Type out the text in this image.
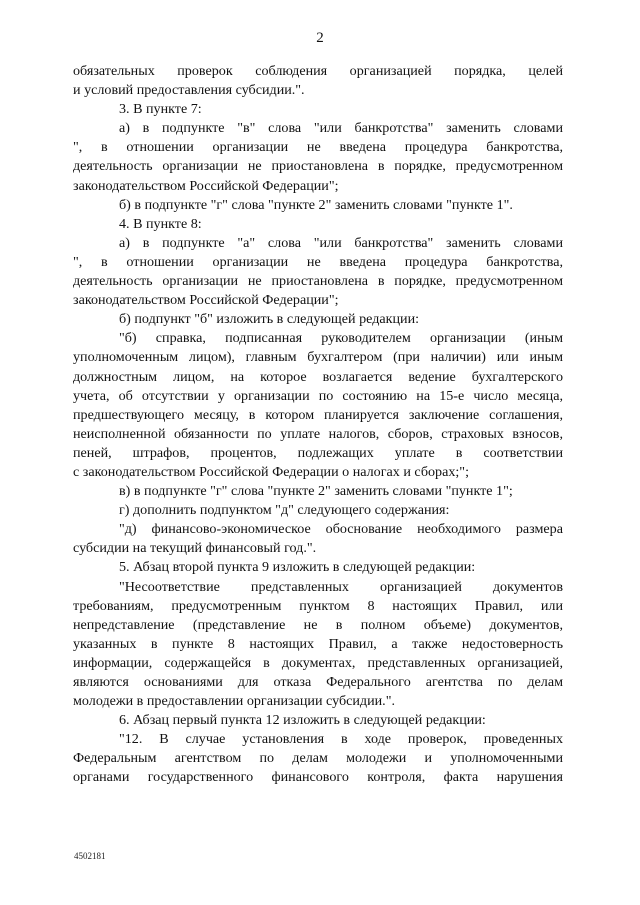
2
обязательных проверок соблюдения организацией порядка, целей
и условий предоставления субсидии.".
3. В пункте 7:
а) в подпункте "в" слова "или банкротства" заменить словами
", в отношении организации не введена процедура банкротства,
деятельность организации не приостановлена в порядке, предусмотренном
законодательством Российской Федерации";
б) в подпункте "г" слова "пункте 2" заменить словами "пункте 1".
4. В пункте 8:
а) в подпункте "а" слова "или банкротства" заменить словами
", в отношении организации не введена процедура банкротства,
деятельность организации не приостановлена в порядке, предусмотренном
законодательством Российской Федерации";
б) подпункт "б" изложить в следующей редакции:
"б) справка, подписанная руководителем организации (иным
уполномоченным лицом), главным бухгалтером (при наличии) или иным
должностным лицом, на которое возлагается ведение бухгалтерского
учета, об отсутствии у организации по состоянию на 15-е число месяца,
предшествующего месяцу, в котором планируется заключение соглашения,
неисполненной обязанности по уплате налогов, сборов, страховых взносов,
пеней, штрафов, процентов, подлежащих уплате в соответствии
с законодательством Российской Федерации о налогах и сборах;";
в) в подпункте "г" слова "пункте 2" заменить словами "пункте 1";
г) дополнить подпунктом "д" следующего содержания:
"д) финансово-экономическое обоснование необходимого размера
субсидии на текущий финансовый год.".
5. Абзац второй пункта 9 изложить в следующей редакции:
"Несоответствие представленных организацией документов
требованиям, предусмотренным пунктом 8 настоящих Правил, или
непредставление (представление не в полном объеме) документов,
указанных в пункте 8 настоящих Правил, а также недостоверность
информации, содержащейся в документах, представленных организацией,
являются основаниями для отказа Федерального агентства по делам
молодежи в предоставлении организации субсидии.".
6. Абзац первый пункта 12 изложить в следующей редакции:
"12. В случае установления в ходе проверок, проведенных
Федеральным агентством по делам молодежи и уполномоченными
органами государственного финансового контроля, факта нарушения
4502181
